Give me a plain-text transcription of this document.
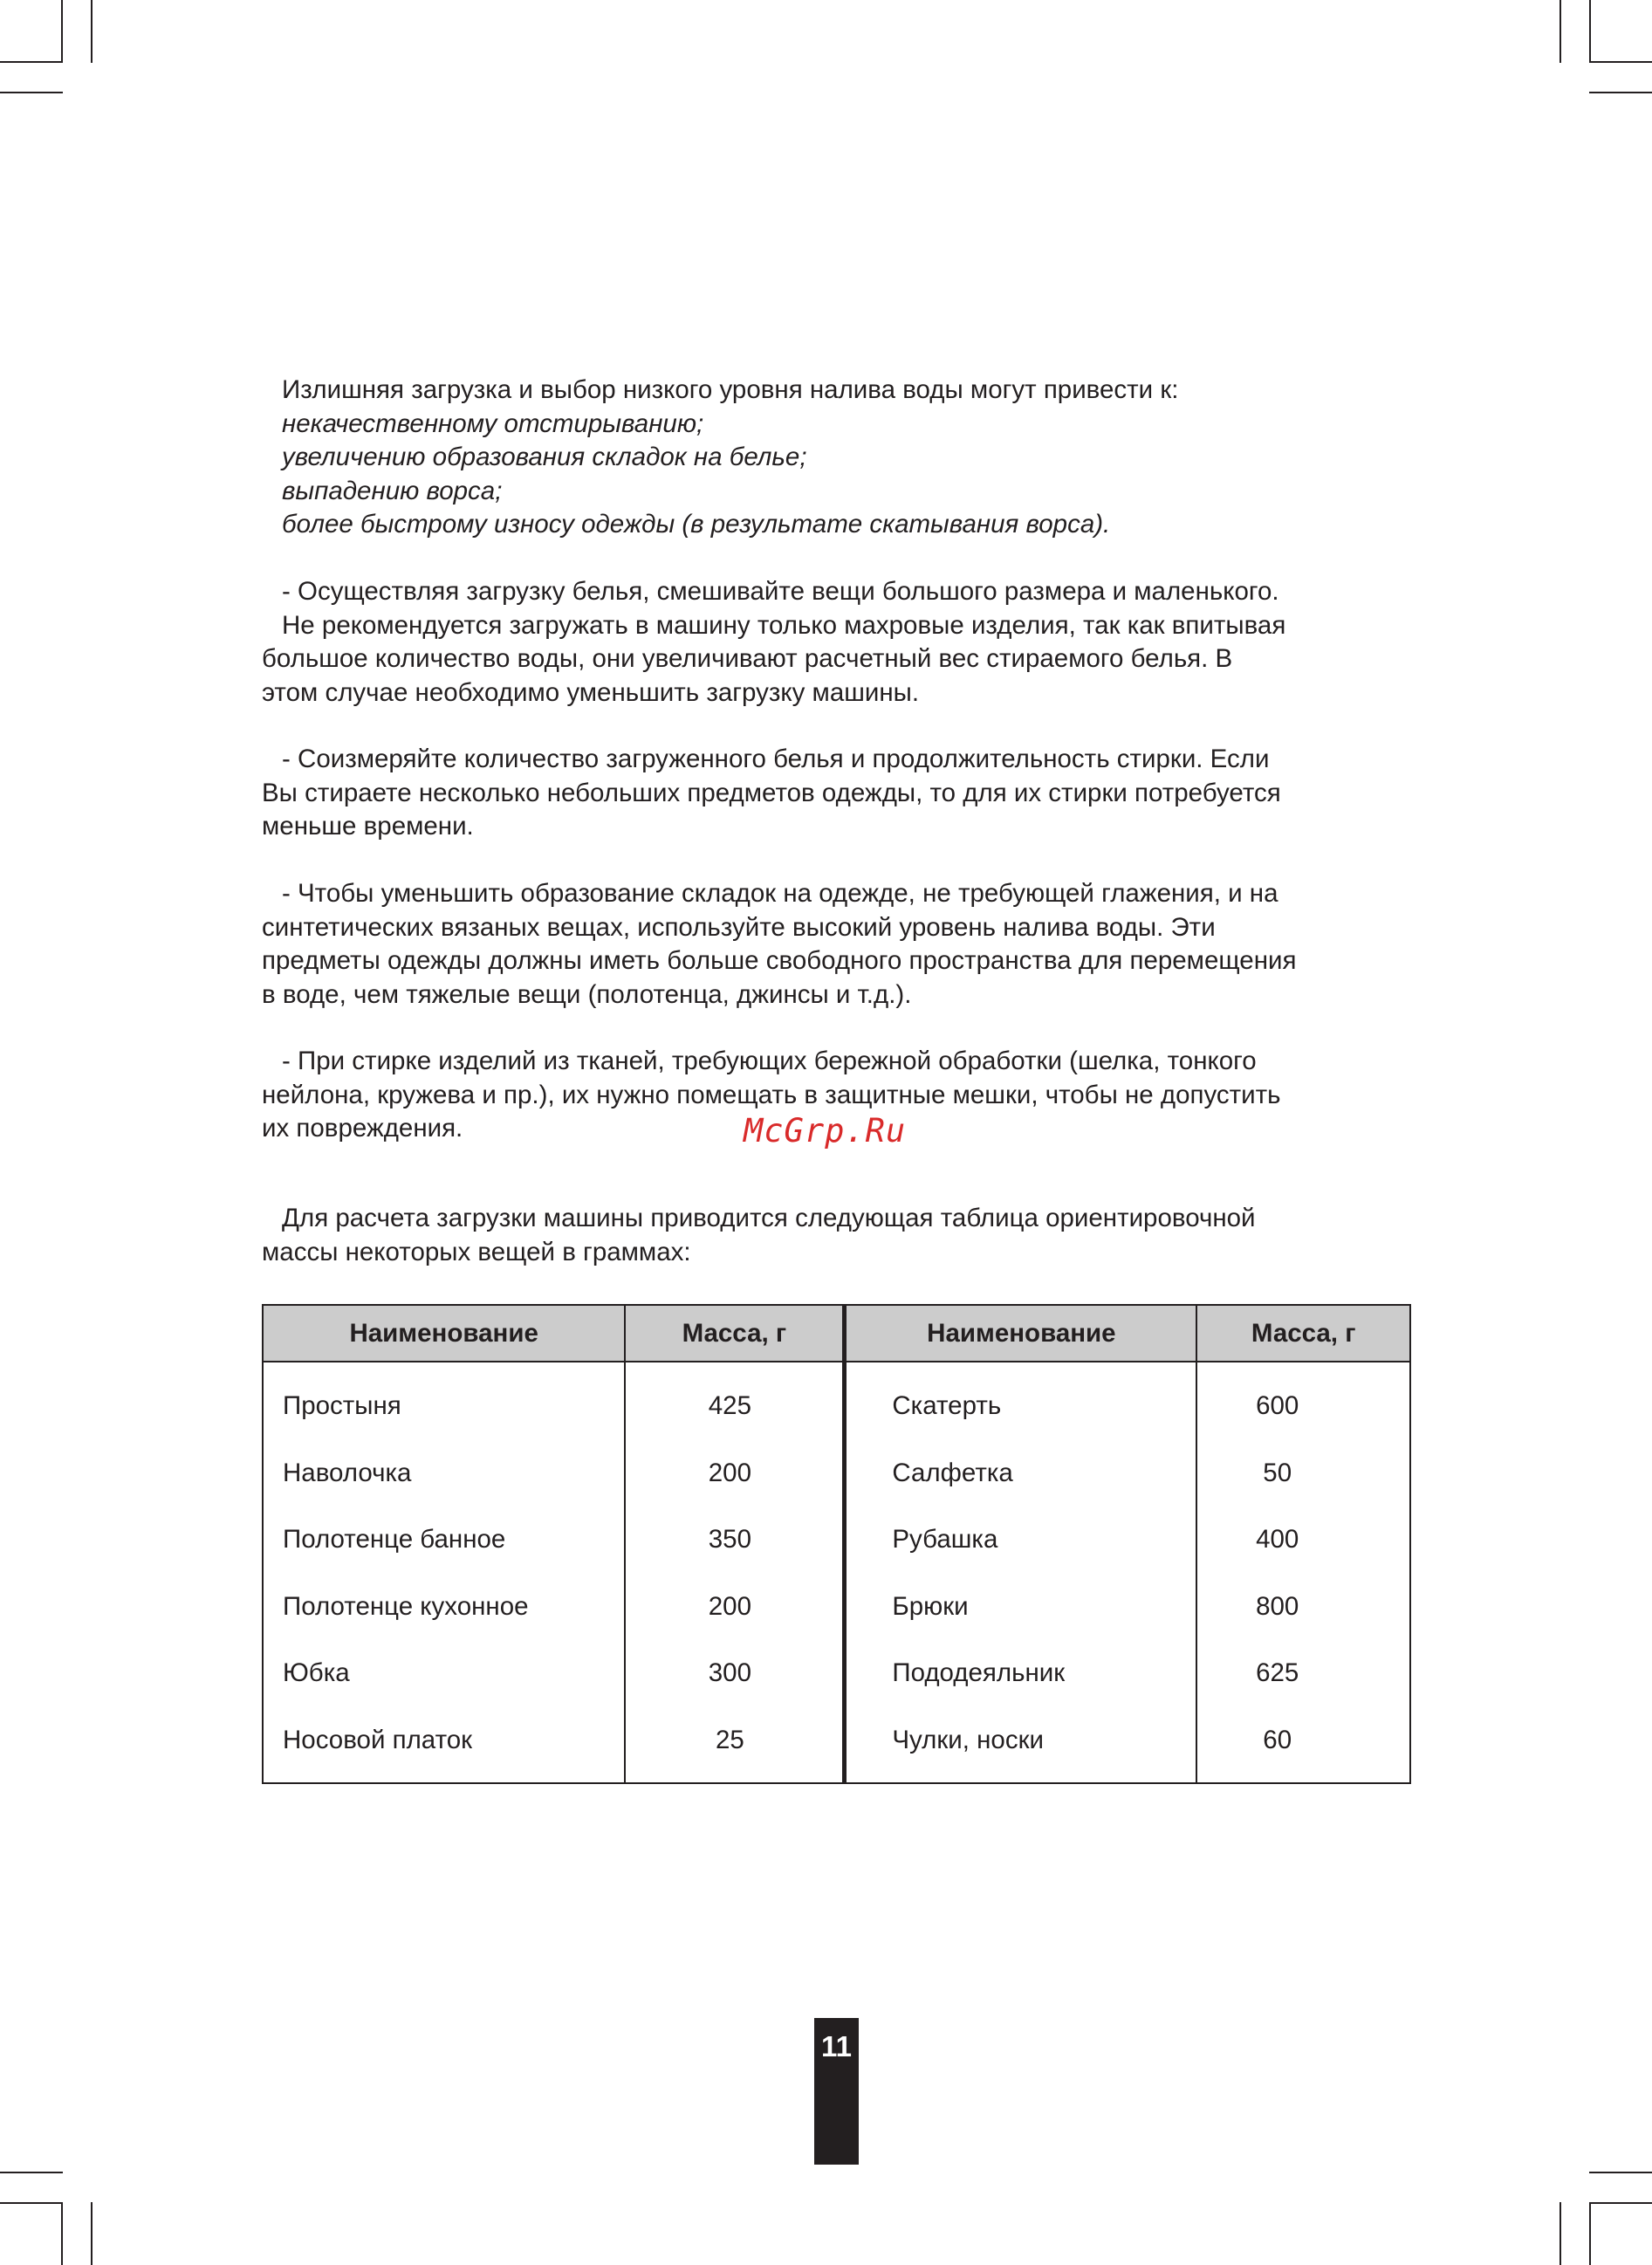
Излишняя загрузка и выбор низкого уровня налива воды могут привести к:

некачественному отстирыванию;

увеличению образования складок на белье;

выпадению ворса;

более быстрому износу одежды (в результате скатывания ворса).

- Осуществляя загрузку белья, смешивайте вещи большого размера и маленького.

Не рекомендуется загружать в машину только махровые изделия, так как впитывая

большое количество воды, они увеличивают расчетный вес стираемого белья. В

этом случае необходимо уменьшить загрузку машины.

- Соизмеряйте количество загруженного белья и продолжительность стирки. Если

Вы стираете несколько небольших предметов одежды, то для их стирки потребуется

меньше времени.

- Чтобы уменьшить образование складок на одежде, не требующей глажения, и на

синтетических вязаных вещах, используйте высокий уровень налива воды. Эти

предметы одежды должны иметь больше свободного пространства для перемещения

в воде, чем тяжелые вещи (полотенца, джинсы и т.д.).

- При стирке изделий из тканей, требующих бережной обработки (шелка, тонкого

нейлона, кружева и пр.), их нужно помещать в защитные мешки, чтобы не допустить

их повреждения.	McGrp.Ru

Для расчета загрузки машины приводится следующая таблица ориентировочной

массы некоторых вещей в граммах:

Наименование	Масса, г	Наименование	Масса, г
Простыня	425	Скатерть	600
Наволочка	200	Салфетка	50
Полотенце банное	350	Рубашка	400
Полотенце кухонное	200	Брюки	800
Юбка	300	Пододеяльник	625
Носовой платок	25	Чулки, носки	60
11
